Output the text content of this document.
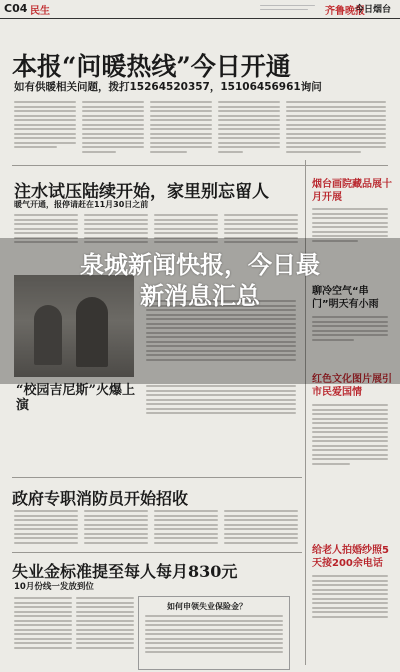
C04 民生	齐鲁晚报
今日烟台
本报“问暖热线”今日开通
如有供暖相关问题，拨打15264520357，15106456961询问
注水试压陆续开始，家里别忘留人
暖气开通，报停请赶在11月30日之前
烟台画院藏品展十月开展
聊冷空气“串门”明天有小雨
红色文化图片展引市民爱国情
给老人拍婚纱照5天接200余电话
“校园吉尼斯”火爆上演
政府专职消防员开始招收
失业金标准提至每人每月830元
10月份线一发放到位
如何申领失业保险金？
泉城新闻快报，今日最
新消息汇总
